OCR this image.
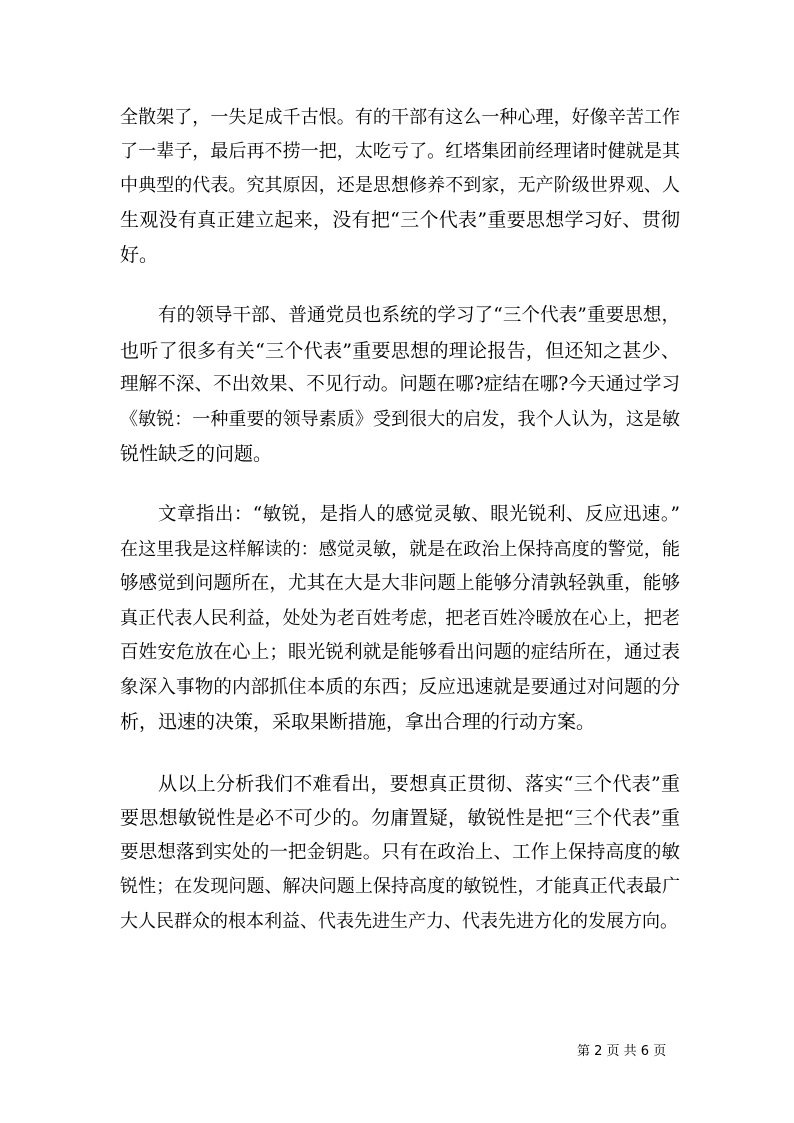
全散架了，一失足成千古恨。有的干部有这么一种心理，好像辛苦工作
了一辈子，最后再不捞一把，太吃亏了。红塔集团前经理诸时健就是其
中典型的代表。究其原因，还是思想修养不到家，无产阶级世界观、人
生观没有真正建立起来，没有把“三个代表”重要思想学习好、贯彻
好。
有的领导干部、普通党员也系统的学习了“三个代表”重要思想，
也听了很多有关“三个代表”重要思想的理论报告，但还知之甚少、
理解不深、不出效果、不见行动。问题在哪?症结在哪?今天通过学习
《敏锐：一种重要的领导素质》受到很大的启发，我个人认为，这是敏
锐性缺乏的问题。
文章指出：“敏锐，是指人的感觉灵敏、眼光锐利、反应迅速。”
在这里我是这样解读的：感觉灵敏，就是在政治上保持高度的警觉，能
够感觉到问题所在，尤其在大是大非问题上能够分清孰轻孰重，能够
真正代表人民利益，处处为老百姓考虑，把老百姓冷暖放在心上，把老
百姓安危放在心上；眼光锐利就是能够看出问题的症结所在，通过表
象深入事物的内部抓住本质的东西；反应迅速就是要通过对问题的分
析，迅速的决策，采取果断措施，拿出合理的行动方案。
从以上分析我们不难看出，要想真正贯彻、落实“三个代表”重
要思想敏锐性是必不可少的。勿庸置疑，敏锐性是把“三个代表”重
要思想落到实处的一把金钥匙。只有在政治上、工作上保持高度的敏
锐性；在发现问题、解决问题上保持高度的敏锐性，才能真正代表最广
大人民群众的根本利益、代表先进生产力、代表先进方化的发展方向。
第 2 页 共 6 页
